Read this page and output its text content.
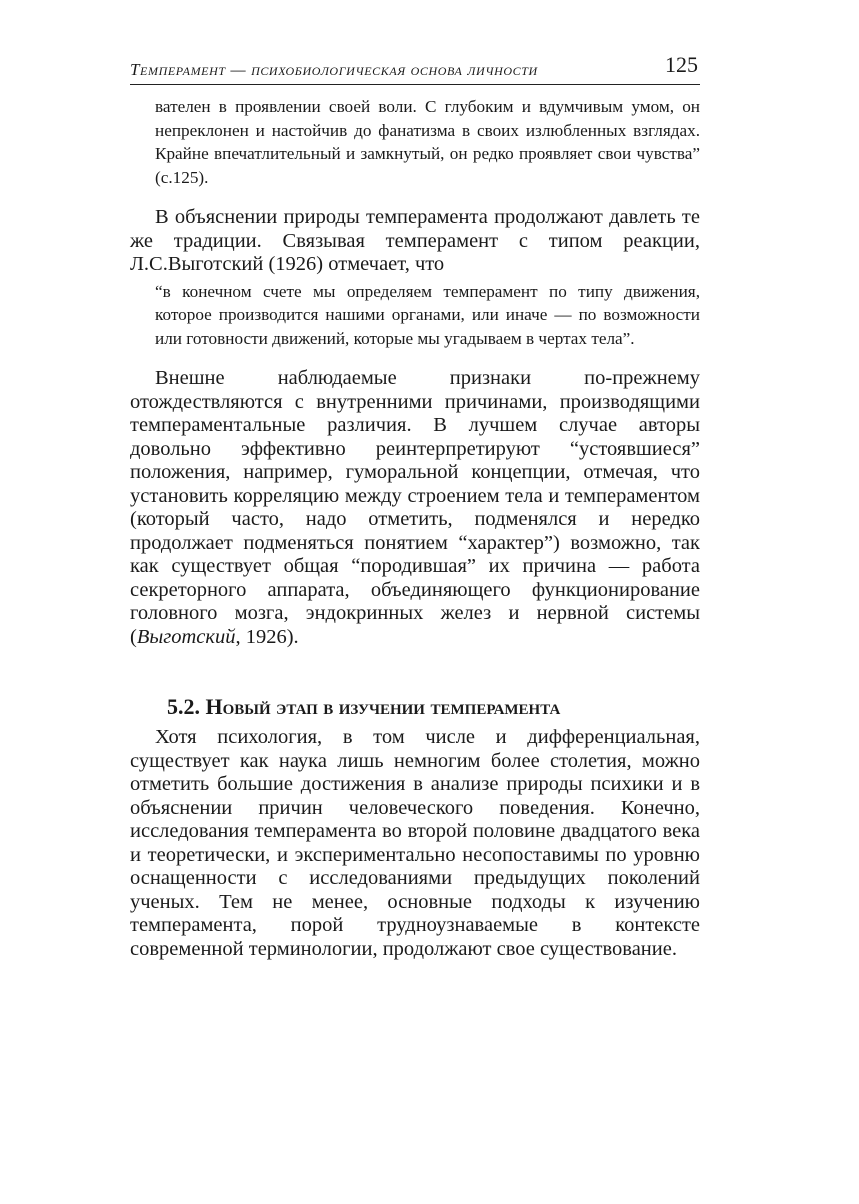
Темперамент — психобиологическая основа личности	125

вателен в проявлении своей воли. С глубоким и вдумчивым умом, он непреклонен и настойчив до фанатизма в своих излюбленных взглядах. Крайне впечатлительный и замкнутый, он редко проявляет свои чувства” (с.125).

В объяснении природы темперамента продолжают давлеть те же традиции. Связывая темперамент с типом реакции, Л.С.Выготский (1926) отмечает, что

“в конечном счете мы определяем темперамент по типу движения, которое производится нашими органами, или иначе — по возможности или готовности движений, которые мы угадываем в чертах тела”.

Внешне наблюдаемые признаки по-прежнему отождествляются с внутренними причинами, производящими темпераментальные различия. В лучшем случае авторы довольно эффективно реинтерпретируют “устоявшиеся” положения, например, гуморальной концепции, отмечая, что установить корреляцию между строением тела и темпераментом (который часто, надо отметить, подменялся и нередко продолжает подменяться понятием “характер”) возможно, так как существует общая “породившая” их причина — работа секреторного аппарата, объединяющего функционирование головного мозга, эндокринных желез и нервной системы (Выготский, 1926).

5.2. Новый этап в изучении темперамента

Хотя психология, в том числе и дифференциальная, существует как наука лишь немногим более столетия, можно отметить большие достижения в анализе природы психики и в объяснении причин человеческого поведения. Конечно, исследования темперамента во второй половине двадцатого века и теоретически, и экспериментально несопоставимы по уровню оснащенности с исследованиями предыдущих поколений ученых. Тем не менее, основные подходы к изучению темперамента, порой трудноузнаваемые в контексте современной терминологии, продолжают свое существование.
